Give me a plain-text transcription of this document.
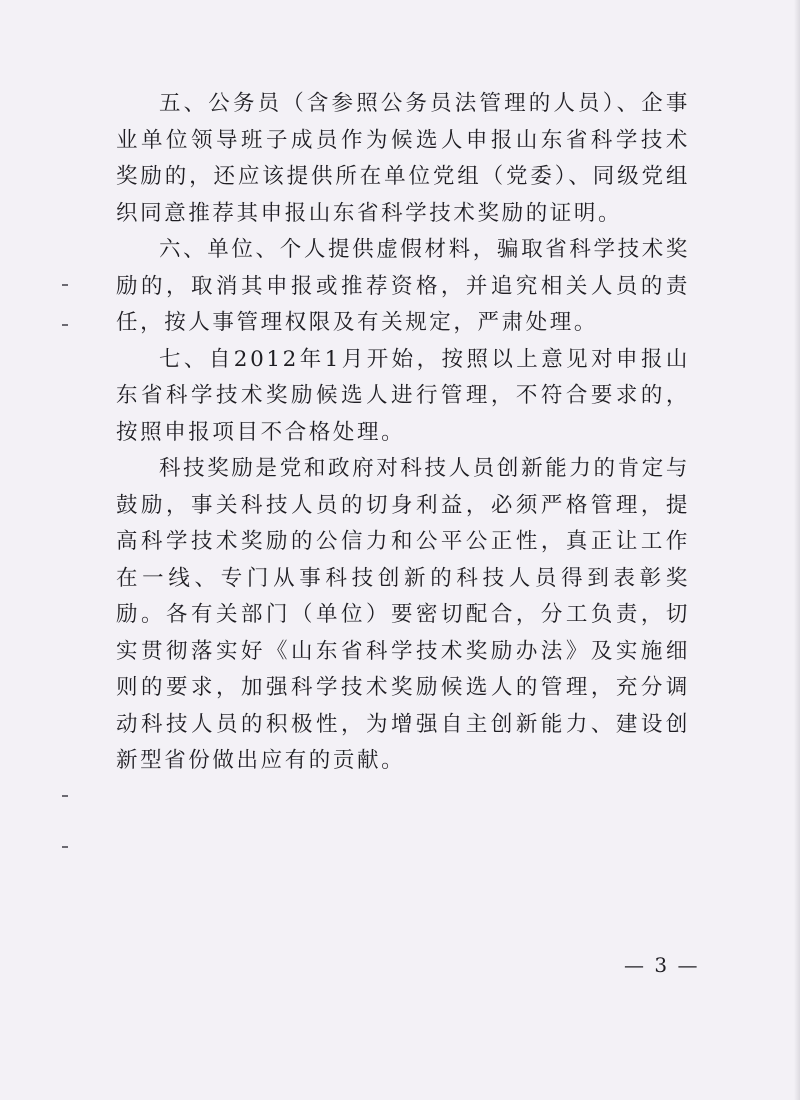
五、公务员（含参照公务员法管理的人员）、企事业单位领导班子成员作为候选人申报山东省科学技术奖励的，还应该提供所在单位党组（党委）、同级党组织同意推荐其申报山东省科学技术奖励的证明。

六、单位、个人提供虚假材料，骗取省科学技术奖励的，取消其申报或推荐资格，并追究相关人员的责任，按人事管理权限及有关规定，严肃处理。

七、自2012年1月开始，按照以上意见对申报山东省科学技术奖励候选人进行管理，不符合要求的，按照申报项目不合格处理。

科技奖励是党和政府对科技人员创新能力的肯定与鼓励，事关科技人员的切身利益，必须严格管理，提高科学技术奖励的公信力和公平公正性，真正让工作在一线、专门从事科技创新的科技人员得到表彰奖励。各有关部门（单位）要密切配合，分工负责，切实贯彻落实好《山东省科学技术奖励办法》及实施细则的要求，加强科学技术奖励候选人的管理，充分调动科技人员的积极性，为增强自主创新能力、建设创新型省份做出应有的贡献。

— 3 —
